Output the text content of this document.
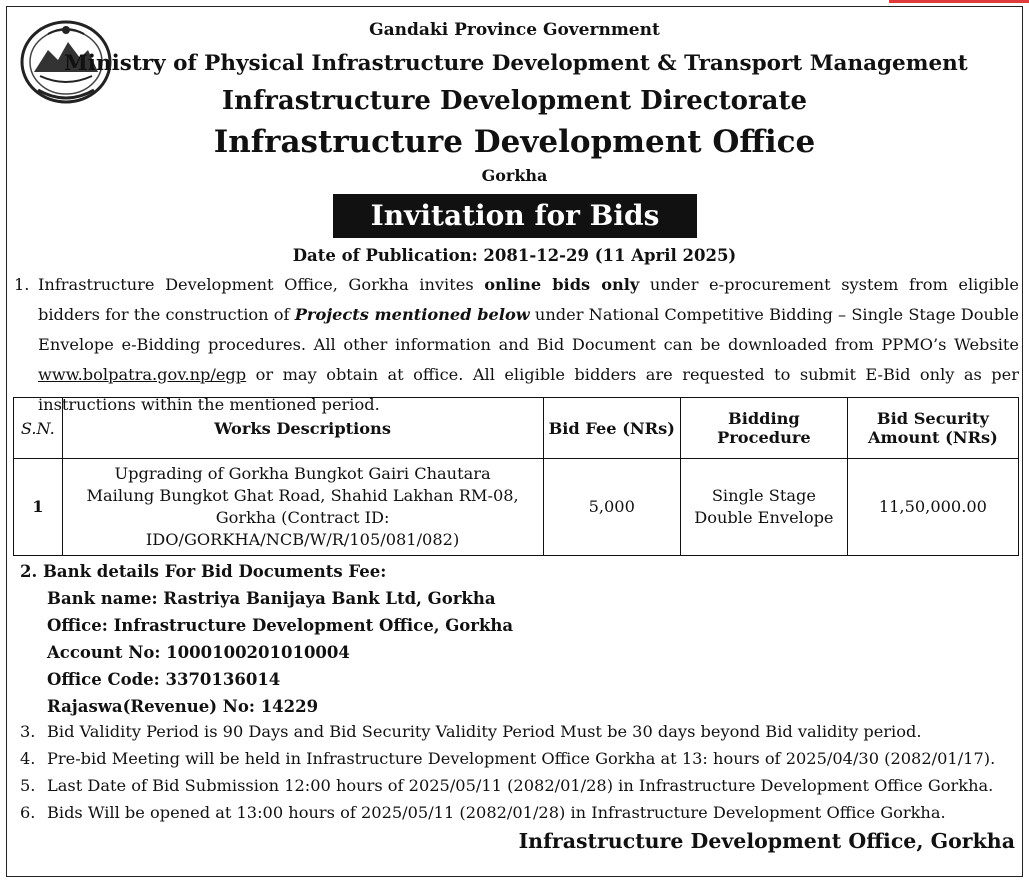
Gandaki Province Government
Ministry of Physical Infrastructure Development & Transport Management
Infrastructure Development Directorate
Infrastructure Development Office
Gorkha
Invitation for Bids
Date of Publication: 2081-12-29 (11 April 2025)
1. Infrastructure Development Office, Gorkha invites online bids only under e-procurement system from eligible bidders for the construction of Projects mentioned below under National Competitive Bidding – Single Stage Double Envelope e-Bidding procedures. All other information and Bid Document can be downloaded from PPMO’s Website www.bolpatra.gov.np/egp or may obtain at office. All eligible bidders are requested to submit E-Bid only as per instructions within the mentioned period.
S.N.	Works Descriptions	Bid Fee (NRs)	Bidding Procedure	Bid Security Amount (NRs)
1	Upgrading of Gorkha Bungkot Gairi Chautara Mailung Bungkot Ghat Road, Shahid Lakhan RM-08, Gorkha (Contract ID: IDO/GORKHA/NCB/W/R/105/081/082)	5,000	Single Stage Double Envelope	11,50,000.00
2. Bank details For Bid Documents Fee:
Bank name: Rastriya Banijaya Bank Ltd, Gorkha
Office: Infrastructure Development Office, Gorkha
Account No: 1000100201010004
Office Code: 3370136014
Rajaswa(Revenue) No: 14229
3. Bid Validity Period is 90 Days and Bid Security Validity Period Must be 30 days beyond Bid validity period.
4. Pre-bid Meeting will be held in Infrastructure Development Office Gorkha at 13: hours of 2025/04/30 (2082/01/17).
5. Last Date of Bid Submission 12:00 hours of 2025/05/11 (2082/01/28) in Infrastructure Development Office Gorkha.
6. Bids Will be opened at 13:00 hours of 2025/05/11 (2082/01/28) in Infrastructure Development Office Gorkha.
Infrastructure Development Office, Gorkha
